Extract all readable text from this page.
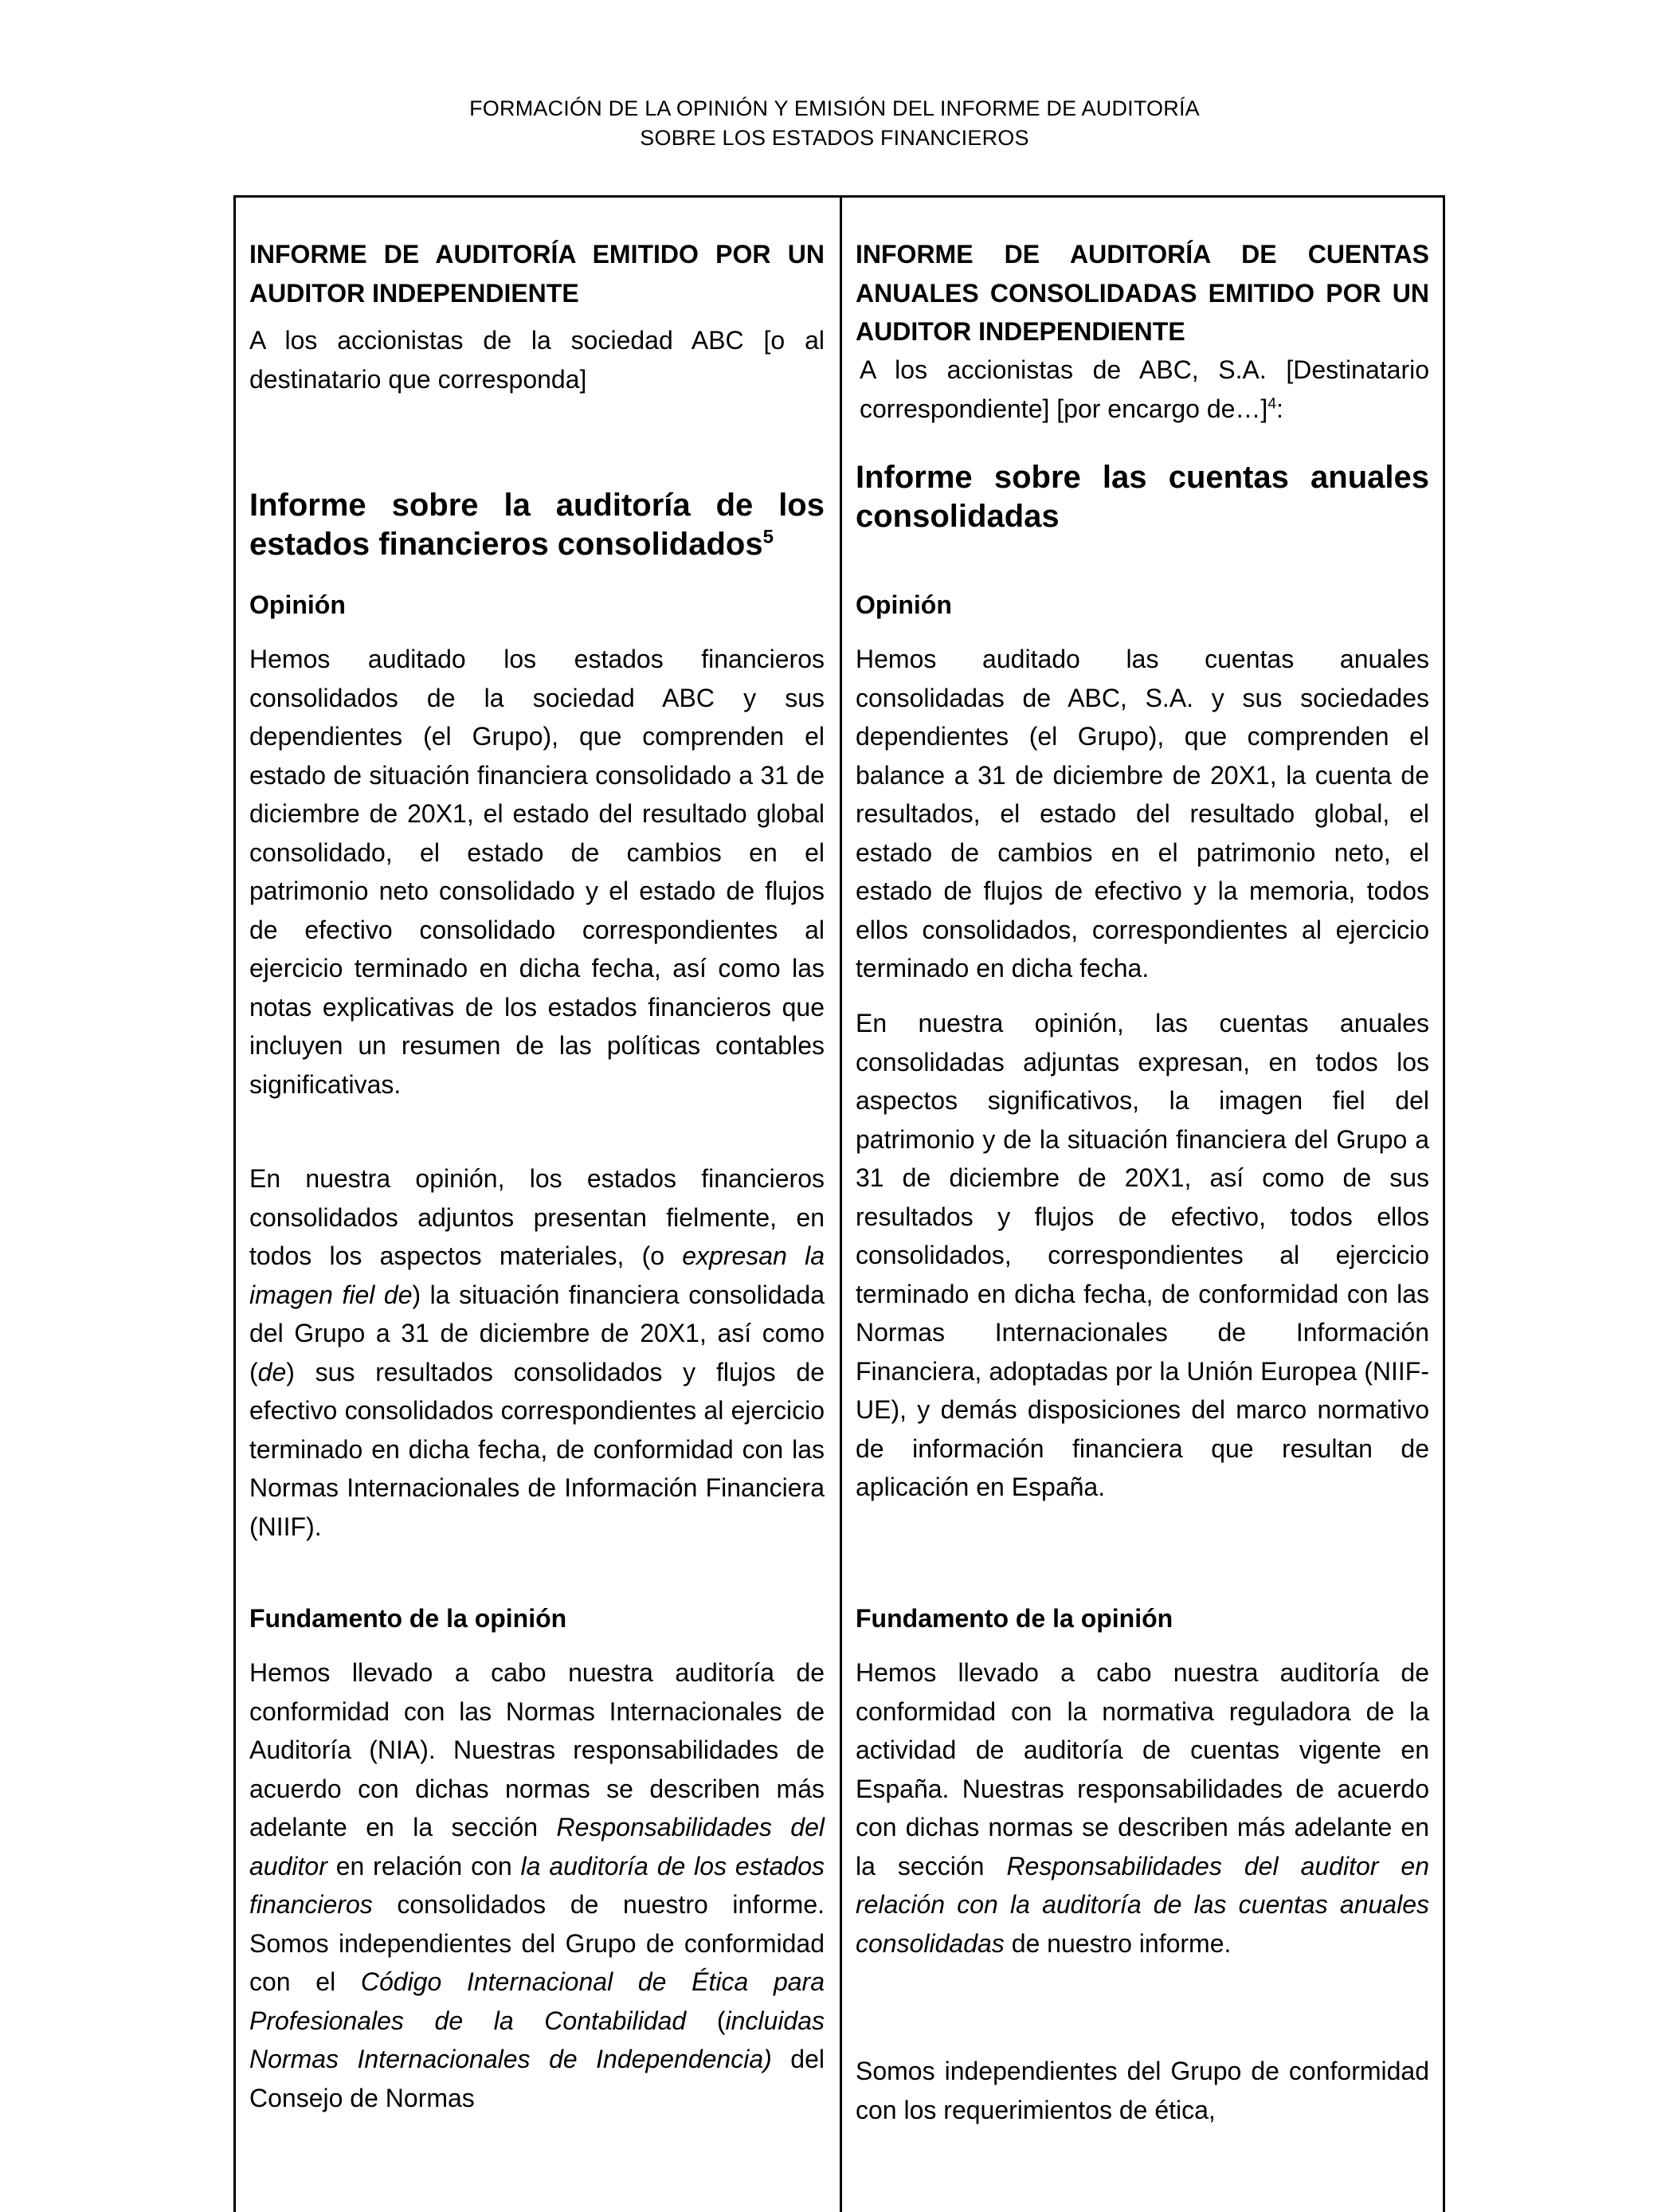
FORMACIÓN DE LA OPINIÓN Y EMISIÓN DEL INFORME DE AUDITORÍA
SOBRE LOS ESTADOS FINANCIEROS

INFORME DE AUDITORÍA EMITIDO POR UN AUDITOR INDEPENDIENTE

A los accionistas de la sociedad ABC [o al destinatario que corresponda]

Informe sobre la auditoría de los estados financieros consolidados$^5$

Opinión

Hemos auditado los estados financieros consolidados de la sociedad ABC y sus dependientes (el Grupo), que comprenden el estado de situación financiera consolidado a 31 de diciembre de 20X1, el estado del resultado global consolidado, el estado de cambios en el patrimonio neto consolidado y el estado de flujos de efectivo consolidado correspondientes al ejercicio terminado en dicha fecha, así como las notas explicativas de los estados financieros que incluyen un resumen de las políticas contables significativas.

En nuestra opinión, los estados financieros consolidados adjuntos presentan fielmente, en todos los aspectos materiales, (o expresan la imagen fiel de) la situación financiera consolidada del Grupo a 31 de diciembre de 20X1, así como (de) sus resultados consolidados y flujos de efectivo consolidados correspondientes al ejercicio terminado en dicha fecha, de conformidad con las Normas Internacionales de Información Financiera (NIIF).

Fundamento de la opinión

Hemos llevado a cabo nuestra auditoría de conformidad con las Normas Internacionales de Auditoría (NIA). Nuestras responsabilidades de acuerdo con dichas normas se describen más adelante en la sección Responsabilidades del auditor en relación con la auditoría de los estados financieros consolidados de nuestro informe. Somos independientes del Grupo de conformidad con el Código Internacional de Ética para Profesionales de la Contabilidad (incluidas Normas Internacionales de Independencia) del Consejo de Normas

INFORME DE AUDITORÍA DE CUENTAS ANUALES CONSOLIDADAS EMITIDO POR UN AUDITOR INDEPENDIENTE

A los accionistas de ABC, S.A. [Destinatario correspondiente] [por encargo de…]$^4$:

Informe sobre las cuentas anuales consolidadas

Opinión

Hemos auditado las cuentas anuales consolidadas de ABC, S.A. y sus sociedades dependientes (el Grupo), que comprenden el balance a 31 de diciembre de 20X1, la cuenta de resultados, el estado del resultado global, el estado de cambios en el patrimonio neto, el estado de flujos de efectivo y la memoria, todos ellos consolidados, correspondientes al ejercicio terminado en dicha fecha.

En nuestra opinión, las cuentas anuales consolidadas adjuntas expresan, en todos los aspectos significativos, la imagen fiel del patrimonio y de la situación financiera del Grupo a 31 de diciembre de 20X1, así como de sus resultados y flujos de efectivo, todos ellos consolidados, correspondientes al ejercicio terminado en dicha fecha, de conformidad con las Normas Internacionales de Información Financiera, adoptadas por la Unión Europea (NIIF-UE), y demás disposiciones del marco normativo de información financiera que resultan de aplicación en España.

Fundamento de la opinión

Hemos llevado a cabo nuestra auditoría de conformidad con la normativa reguladora de la actividad de auditoría de cuentas vigente en España. Nuestras responsabilidades de acuerdo con dichas normas se describen más adelante en la sección Responsabilidades del auditor en relación con la auditoría de las cuentas anuales consolidadas de nuestro informe.

Somos independientes del Grupo de conformidad con los requerimientos de ética,
